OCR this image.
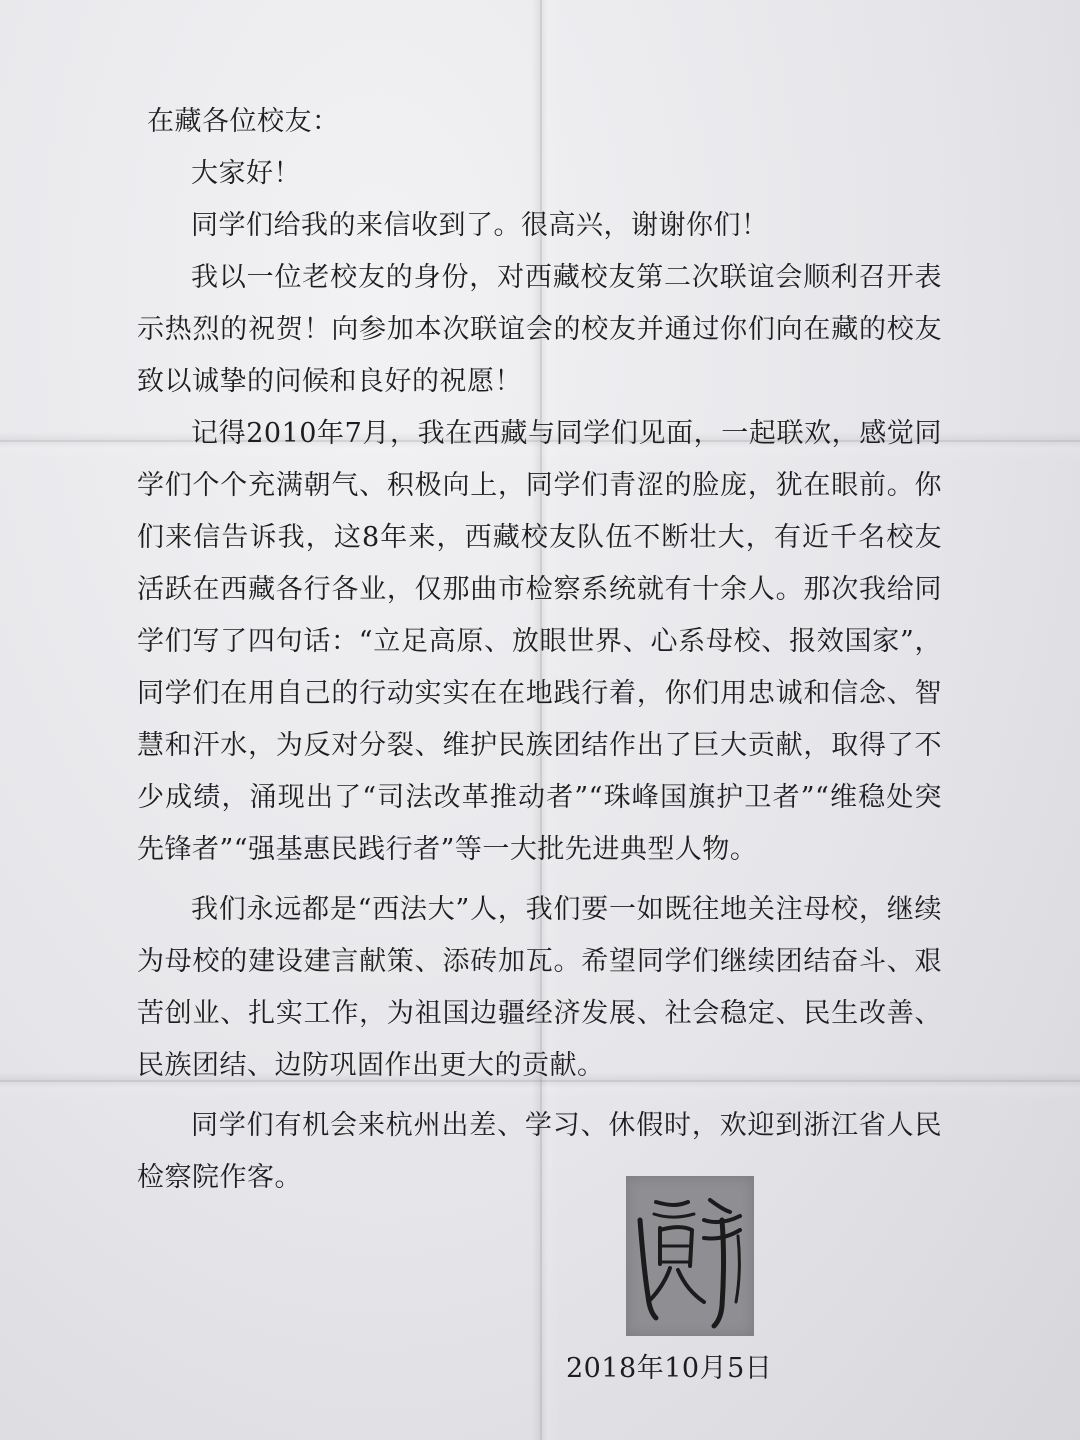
在藏各位校友：

大家好！

同学们给我的来信收到了。很高兴，谢谢你们！

我以一位老校友的身份，对西藏校友第二次联谊会顺利召开表示热烈的祝贺！向参加本次联谊会的校友并通过你们向在藏的校友致以诚挚的问候和良好的祝愿！

记得2010年7月，我在西藏与同学们见面，一起联欢，感觉同学们个个充满朝气、积极向上，同学们青涩的脸庞，犹在眼前。你们来信告诉我，这8年来，西藏校友队伍不断壮大，有近千名校友活跃在西藏各行各业，仅那曲市检察系统就有十余人。那次我给同学们写了四句话：“立足高原、放眼世界、心系母校、报效国家”，同学们在用自己的行动实实在在地践行着，你们用忠诚和信念、智慧和汗水，为反对分裂、维护民族团结作出了巨大贡献，取得了不少成绩，涌现出了“司法改革推动者”“珠峰国旗护卫者”“维稳处突先锋者”“强基惠民践行者”等一大批先进典型人物。

我们永远都是“西法大”人，我们要一如既往地关注母校，继续为母校的建设建言献策、添砖加瓦。希望同学们继续团结奋斗、艰苦创业、扎实工作，为祖国边疆经济发展、社会稳定、民生改善、民族团结、边防巩固作出更大的贡献。

同学们有机会来杭州出差、学习、休假时，欢迎到浙江省人民检察院作客。

2018年10月5日
